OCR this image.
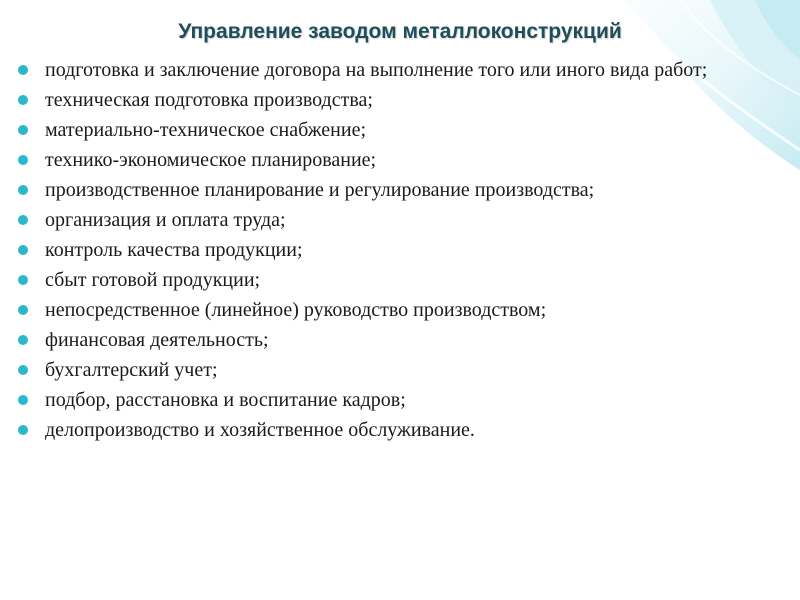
Управление заводом металлоконструкций
подготовка и заключение договора на выполнение того или иного вида работ;
техническая подготовка производства;
материально-техническое снабжение;
технико-экономическое планирование;
производственное планирование и регулирование производства;
организация и оплата труда;
контроль качества продукции;
сбыт готовой продукции;
непосредственное (линейное) руководство производством;
финансовая деятельность;
бухгалтерский учет;
подбор, расстановка и воспитание кадров;
делопроизводство и хозяйственное обслуживание.
